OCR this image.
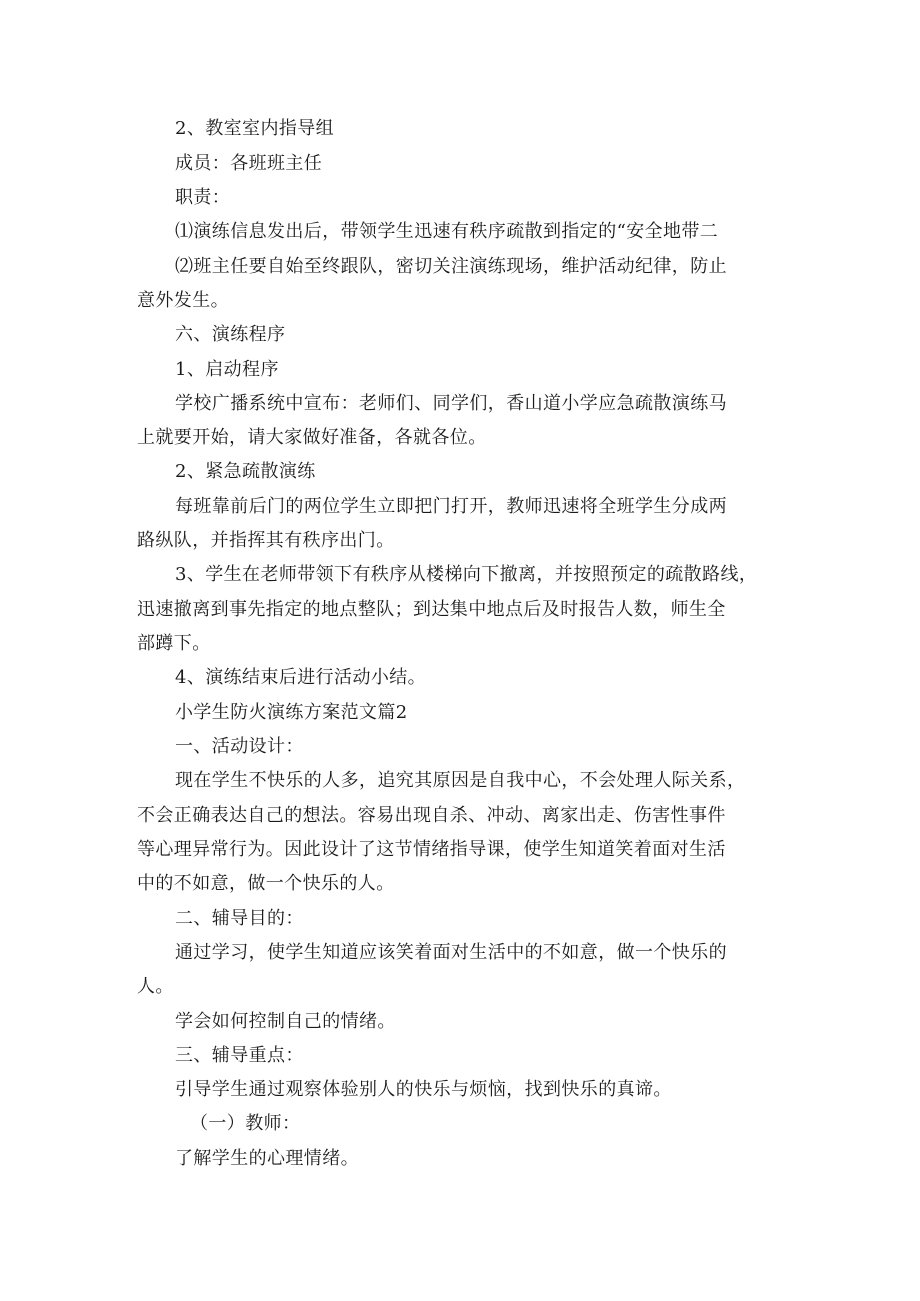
2、教室室内指导组
成员：各班班主任
职责：
⑴演练信息发出后，带领学生迅速有秩序疏散到指定的“安全地带二
⑵班主任要自始至终跟队，密切关注演练现场，维护活动纪律，防止
意外发生。
六、演练程序
1、启动程序
学校广播系统中宣布：老师们、同学们，香山道小学应急疏散演练马
上就要开始，请大家做好准备，各就各位。
2、紧急疏散演练
每班靠前后门的两位学生立即把门打开，教师迅速将全班学生分成两
路纵队，并指挥其有秩序出门。
3、学生在老师带领下有秩序从楼梯向下撤离，并按照预定的疏散路线，
迅速撤离到事先指定的地点整队；到达集中地点后及时报告人数，师生全
部蹲下。
4、演练结束后进行活动小结。
小学生防火演练方案范文篇2
一、活动设计：
现在学生不快乐的人多，追究其原因是自我中心，不会处理人际关系，
不会正确表达自己的想法。容易出现自杀、冲动、离家出走、伤害性事件
等心理异常行为。因此设计了这节情绪指导课，使学生知道笑着面对生活
中的不如意，做一个快乐的人。
二、辅导目的：
通过学习，使学生知道应该笑着面对生活中的不如意，做一个快乐的
人。
学会如何控制自己的情绪。
三、辅导重点：
引导学生通过观察体验别人的快乐与烦恼，找到快乐的真谛。
（一）教师：
了解学生的心理情绪。
